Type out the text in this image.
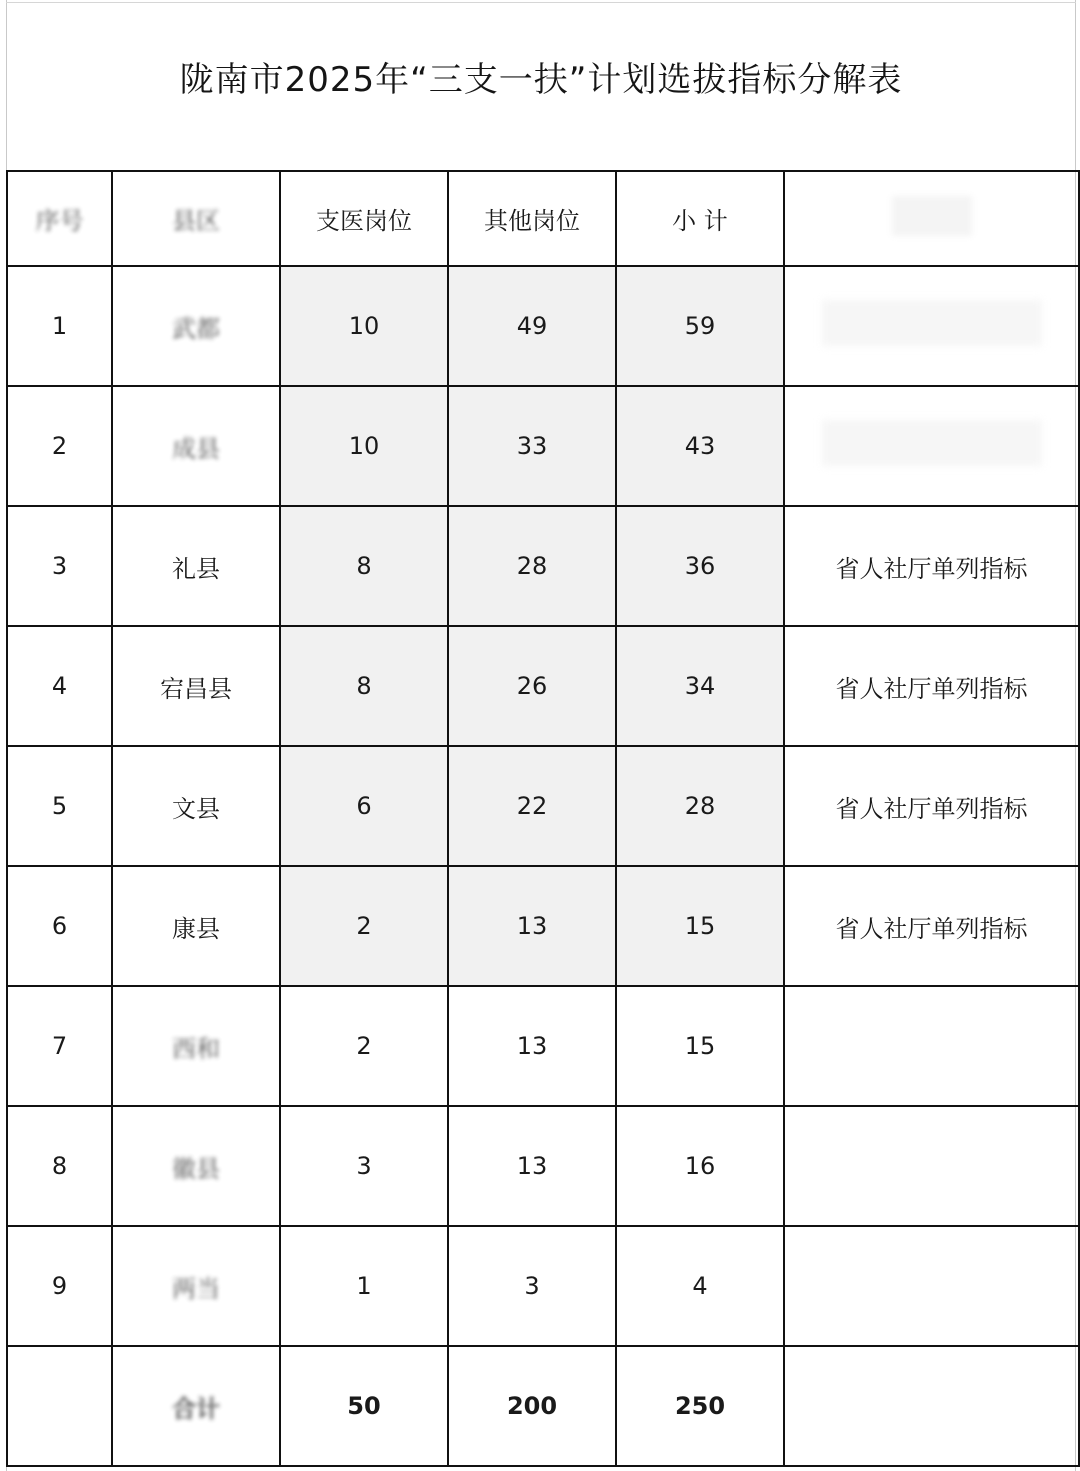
陇南市2025年“三支一扶”计划选拔指标分解表
序号	县区	支医岗位	其他岗位	小 计	
1	武都	10	49	59	
2	成县	10	33	43	
3	礼县	8	28	36	省人社厅单列指标
4	宕昌县	8	26	34	省人社厅单列指标
5	文县	6	22	28	省人社厅单列指标
6	康县	2	13	15	省人社厅单列指标
7	西和	2	13	15	
8	徽县	3	13	16	
9	两当	1	3	4	
	合计	50	200	250	
